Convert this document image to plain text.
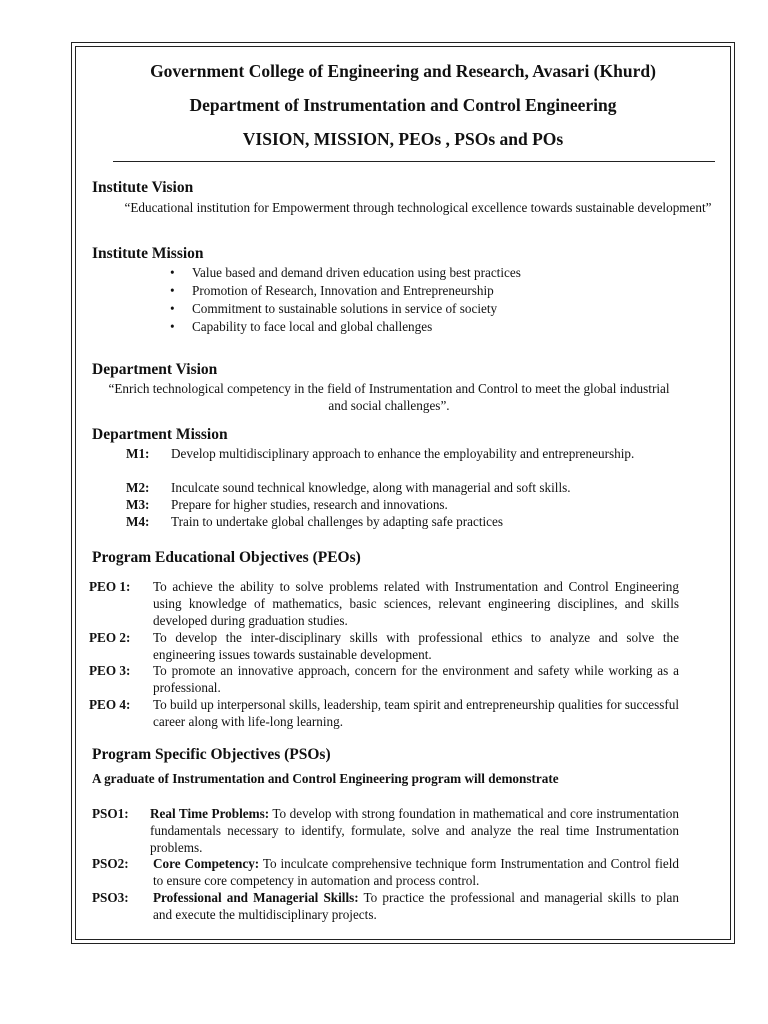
Government College of Engineering and Research, Avasari (Khurd)
Department of Instrumentation and Control Engineering
VISION, MISSION, PEOs , PSOs and POs
Institute Vision
“Educational institution for Empowerment through technological excellence towards sustainable development”
Institute Mission
• Value based and demand driven education using best practices
• Promotion of Research, Innovation and Entrepreneurship
• Commitment to sustainable solutions in service of society
• Capability to face local and global challenges
Department Vision
“Enrich technological competency in the field of Instrumentation and Control to meet the global industrial and social challenges”.
Department Mission
M1: Develop multidisciplinary approach to enhance the employability and entrepreneurship.
M2: Inculcate sound technical knowledge, along with managerial and soft skills.
M3: Prepare for higher studies, research and innovations.
M4: Train to undertake global challenges by adapting safe practices
Program Educational Objectives (PEOs)
PEO 1: To achieve the ability to solve problems related with Instrumentation and Control Engineering using knowledge of mathematics, basic sciences, relevant engineering disciplines, and skills developed during graduation studies.
PEO 2: To develop the inter-disciplinary skills with professional ethics to analyze and solve the engineering issues towards sustainable development.
PEO 3: To promote an innovative approach, concern for the environment and safety while working as a professional.
PEO 4: To build up interpersonal skills, leadership, team spirit and entrepreneurship qualities for successful career along with life-long learning.
Program Specific Objectives (PSOs)
A graduate of Instrumentation and Control Engineering program will demonstrate
PSO1: Real Time Problems: To develop with strong foundation in mathematical and core instrumentation fundamentals necessary to identify, formulate, solve and analyze the real time Instrumentation problems.
PSO2: Core Competency: To inculcate comprehensive technique form Instrumentation and Control field to ensure core competency in automation and process control.
PSO3: Professional and Managerial Skills: To practice the professional and managerial skills to plan and execute the multidisciplinary projects.
